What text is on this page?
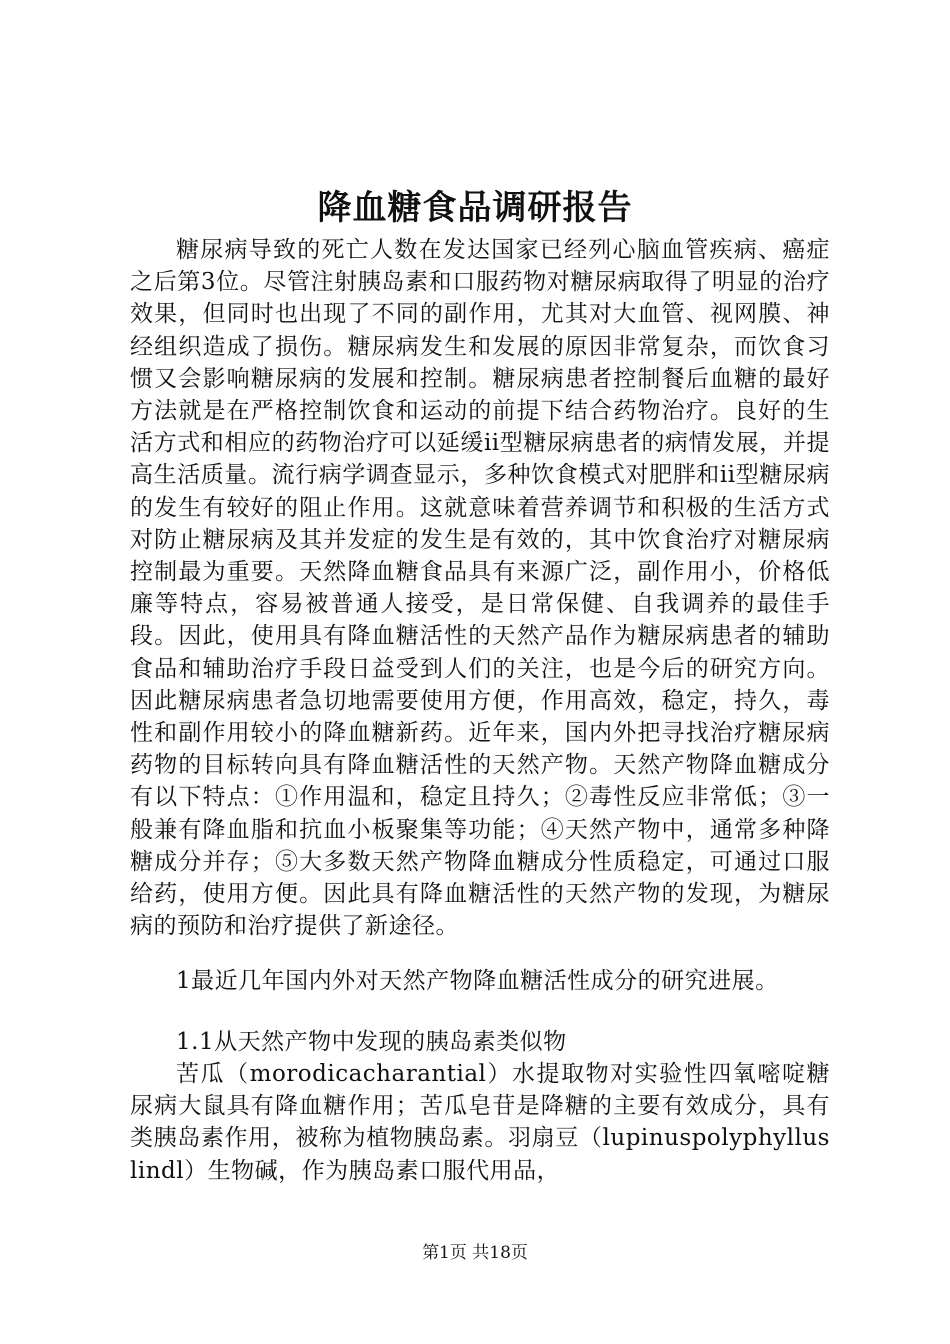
降血糖食品调研报告

糖尿病导致的死亡人数在发达国家已经列心脑血管疾病、癌症之后第3位。尽管注射胰岛素和口服药物对糖尿病取得了明显的治疗效果，但同时也出现了不同的副作用，尤其对大血管、视网膜、神经组织造成了损伤。糖尿病发生和发展的原因非常复杂，而饮食习惯又会影响糖尿病的发展和控制。糖尿病患者控制餐后血糖的最好方法就是在严格控制饮食和运动的前提下结合药物治疗。良好的生活方式和相应的药物治疗可以延缓ii型糖尿病患者的病情发展，并提高生活质量。流行病学调查显示，多种饮食模式对肥胖和ii型糖尿病的发生有较好的阻止作用。这就意味着营养调节和积极的生活方式对防止糖尿病及其并发症的发生是有效的，其中饮食治疗对糖尿病控制最为重要。天然降血糖食品具有来源广泛，副作用小，价格低廉等特点，容易被普通人接受，是日常保健、自我调养的最佳手段。因此，使用具有降血糖活性的天然产品作为糖尿病患者的辅助食品和辅助治疗手段日益受到人们的关注，也是今后的研究方向。因此糖尿病患者急切地需要使用方便，作用高效，稳定，持久，毒性和副作用较小的降血糖新药。近年来，国内外把寻找治疗糖尿病药物的目标转向具有降血糖活性的天然产物。天然产物降血糖成分有以下特点：①作用温和，稳定且持久；②毒性反应非常低；③一般兼有降血脂和抗血小板聚集等功能；④天然产物中，通常多种降糖成分并存；⑤大多数天然产物降血糖成分性质稳定，可通过口服给药，使用方便。因此具有降血糖活性的天然产物的发现，为糖尿病的预防和治疗提供了新途径。

1最近几年国内外对天然产物降血糖活性成分的研究进展。

1.1从天然产物中发现的胰岛素类似物

苦瓜（morodicacharantial）水提取物对实验性四氧嘧啶糖尿病大鼠具有降血糖作用；苦瓜皂苷是降糖的主要有效成分，具有类胰岛素作用，被称为植物胰岛素。羽扇豆（lupinuspolyphylluslindl）生物碱，作为胰岛素口服代用品，

第1页 共18页
